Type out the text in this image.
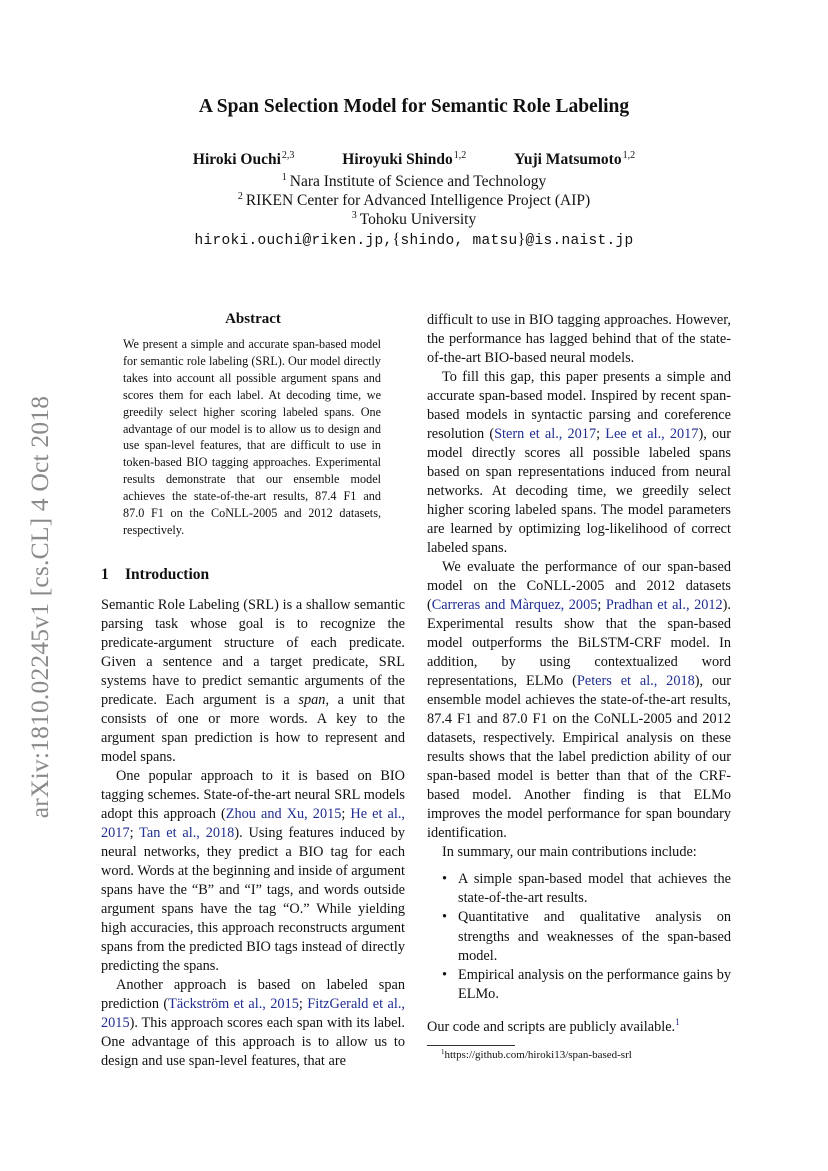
arXiv:1810.02245v1 [cs.CL] 4 Oct 2018
A Span Selection Model for Semantic Role Labeling
Hiroki Ouchi$^{2,3}$	Hiroyuki Shindo$^{1,2}$	Yuji Matsumoto$^{1,2}$
$^1$ Nara Institute of Science and Technology
$^2$ RIKEN Center for Advanced Intelligence Project (AIP)
$^3$ Tohoku University
hiroki.ouchi@riken.jp,{shindo, matsu}@is.naist.jp
Abstract
We present a simple and accurate span-based model for semantic role labeling (SRL). Our model directly takes into account all possible argument spans and scores them for each label. At decoding time, we greedily select higher scoring labeled spans. One advantage of our model is to allow us to design and use span-level features, that are difficult to use in token-based BIO tagging approaches. Experimental results demonstrate that our ensemble model achieves the state-of-the-art results, 87.4 F1 and 87.0 F1 on the CoNLL-2005 and 2012 datasets, respectively.
1 Introduction

Semantic Role Labeling (SRL) is a shallow semantic parsing task whose goal is to recognize the predicate-argument structure of each predicate. Given a sentence and a target predicate, SRL systems have to predict semantic arguments of the predicate. Each argument is a span, a unit that consists of one or more words. A key to the argument span prediction is how to represent and model spans.

One popular approach to it is based on BIO tagging schemes. State-of-the-art neural SRL models adopt this approach (Zhou and Xu, 2015; He et al., 2017; Tan et al., 2018). Using features induced by neural networks, they predict a BIO tag for each word. Words at the beginning and inside of argument spans have the “B” and “I” tags, and words outside argument spans have the tag “O.” While yielding high accuracies, this approach reconstructs argument spans from the predicted BIO tags instead of directly predicting the spans.

Another approach is based on labeled span prediction (Täckström et al., 2015; FitzGerald et al., 2015). This approach scores each span with its label. One advantage of this approach is to allow us to design and use span-level features, that are

difficult to use in BIO tagging approaches. However, the performance has lagged behind that of the state-of-the-art BIO-based neural models.

To fill this gap, this paper presents a simple and accurate span-based model. Inspired by recent span-based models in syntactic parsing and coreference resolution (Stern et al., 2017; Lee et al., 2017), our model directly scores all possible labeled spans based on span representations induced from neural networks. At decoding time, we greedily select higher scoring labeled spans. The model parameters are learned by optimizing log-likelihood of correct labeled spans.

We evaluate the performance of our span-based model on the CoNLL-2005 and 2012 datasets (Carreras and Màrquez, 2005; Pradhan et al., 2012). Experimental results show that the span-based model outperforms the BiLSTM-CRF model. In addition, by using contextualized word representations, ELMo (Peters et al., 2018), our ensemble model achieves the state-of-the-art results, 87.4 F1 and 87.0 F1 on the CoNLL-2005 and 2012 datasets, respectively. Empirical analysis on these results shows that the label prediction ability of our span-based model is better than that of the CRF-based model. Another finding is that ELMo improves the model performance for span boundary identification.

In summary, our main contributions include:

• A simple span-based model that achieves the state-of-the-art results.
• Quantitative and qualitative analysis on strengths and weaknesses of the span-based model.
• Empirical analysis on the performance gains by ELMo.

Our code and scripts are publicly available.$^1$

$^1$https://github.com/hiroki13/span-based-srl
